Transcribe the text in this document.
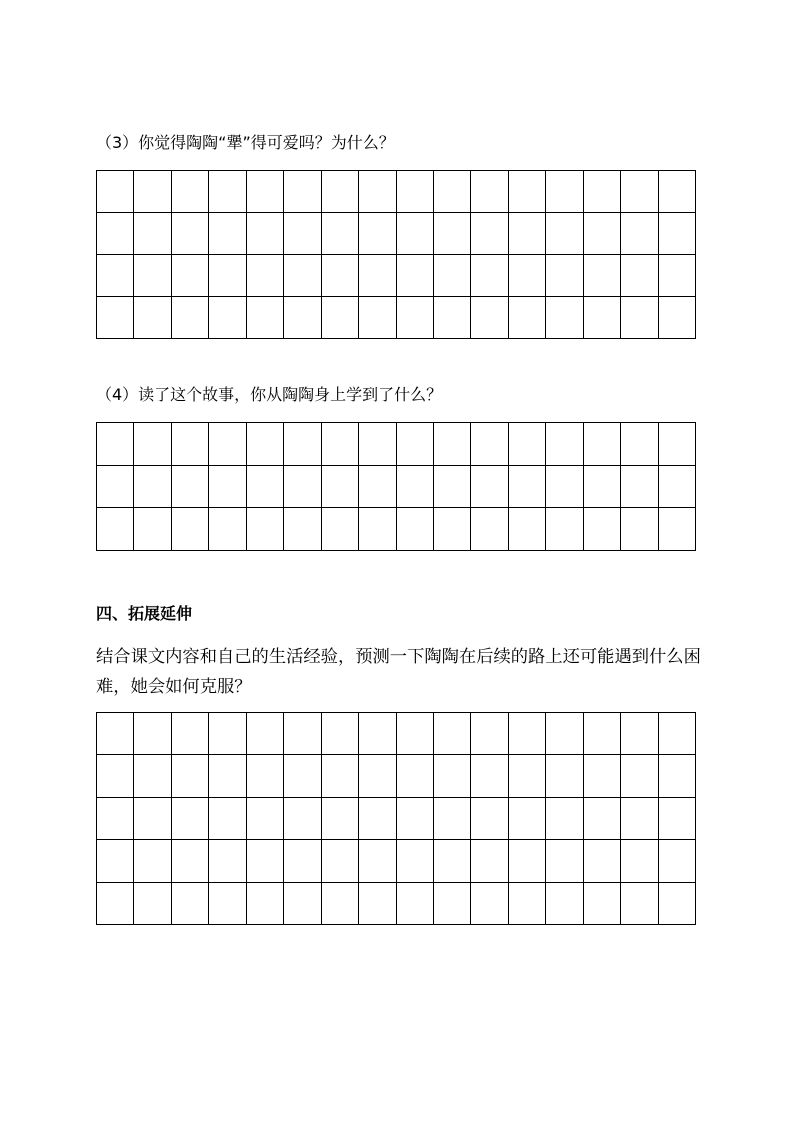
（3）你觉得陶陶“犟”得可爱吗？为什么？

（4）读了这个故事，你从陶陶身上学到了什么？

四、拓展延伸

结合课文内容和自己的生活经验，预测一下陶陶在后续的路上还可能遇到什么困难，她会如何克服？
